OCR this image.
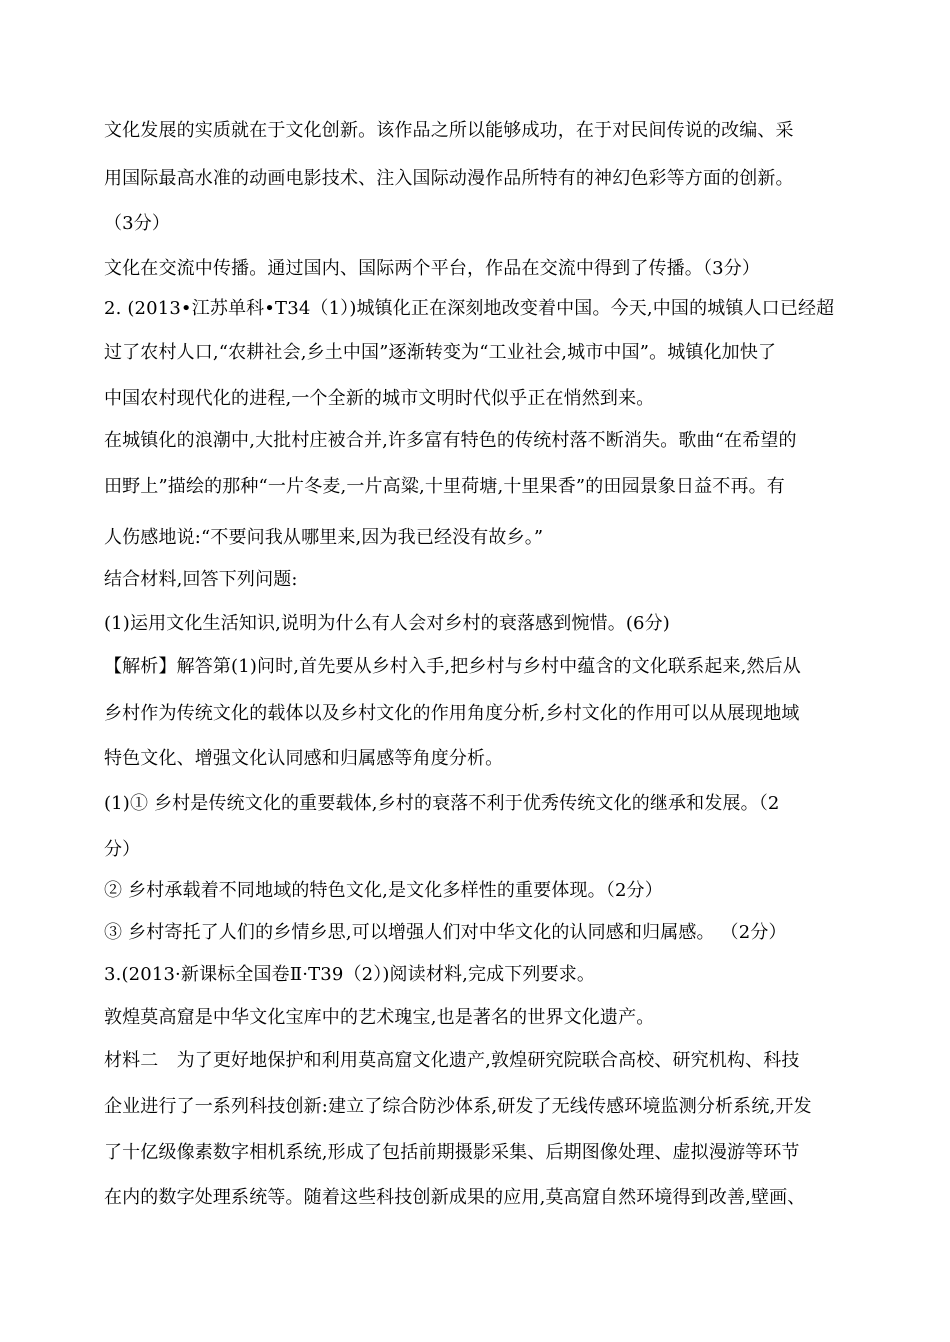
文化发展的实质就在于文化创新。该作品之所以能够成功，在于对民间传说的改编、采
用国际最高水准的动画电影技术、注入国际动漫作品所特有的神幻色彩等方面的创新。
（3分）
文化在交流中传播。通过国内、国际两个平台，作品在交流中得到了传播。（3分）
2. (2013•江苏单科•T34（1）)城镇化正在深刻地改变着中国。今天,中国的城镇人口已经超
过了农村人口,“农耕社会,乡土中国”逐渐转变为“工业社会,城市中国”。城镇化加快了
中国农村现代化的进程,一个全新的城市文明时代似乎正在悄然到来。
在城镇化的浪潮中,大批村庄被合并,许多富有特色的传统村落不断消失。歌曲“在希望的
田野上”描绘的那种“一片冬麦,一片高粱,十里荷塘,十里果香”的田园景象日益不再。有
人伤感地说:“不要问我从哪里来,因为我已经没有故乡。”
结合材料,回答下列问题:
(1)运用文化生活知识,说明为什么有人会对乡村的衰落感到惋惜。(6分)
【解析】解答第(1)问时,首先要从乡村入手,把乡村与乡村中蕴含的文化联系起来,然后从
乡村作为传统文化的载体以及乡村文化的作用角度分析,乡村文化的作用可以从展现地域
特色文化、增强文化认同感和归属感等角度分析。
(1)① 乡村是传统文化的重要载体,乡村的衰落不利于优秀传统文化的继承和发展。（2
分）
② 乡村承载着不同地域的特色文化,是文化多样性的重要体现。（2分）
③ 乡村寄托了人们的乡情乡思,可以增强人们对中华文化的认同感和归属感。 （2分）
3.(2013·新课标全国卷Ⅱ·T39（2）)阅读材料,完成下列要求。
敦煌莫高窟是中华文化宝库中的艺术瑰宝,也是著名的世界文化遗产。
材料二　为了更好地保护和利用莫高窟文化遗产,敦煌研究院联合高校、研究机构、科技
企业进行了一系列科技创新:建立了综合防沙体系,研发了无线传感环境监测分析系统,开发
了十亿级像素数字相机系统,形成了包括前期摄影采集、后期图像处理、虚拟漫游等环节
在内的数字处理系统等。随着这些科技创新成果的应用,莫高窟自然环境得到改善,壁画、
